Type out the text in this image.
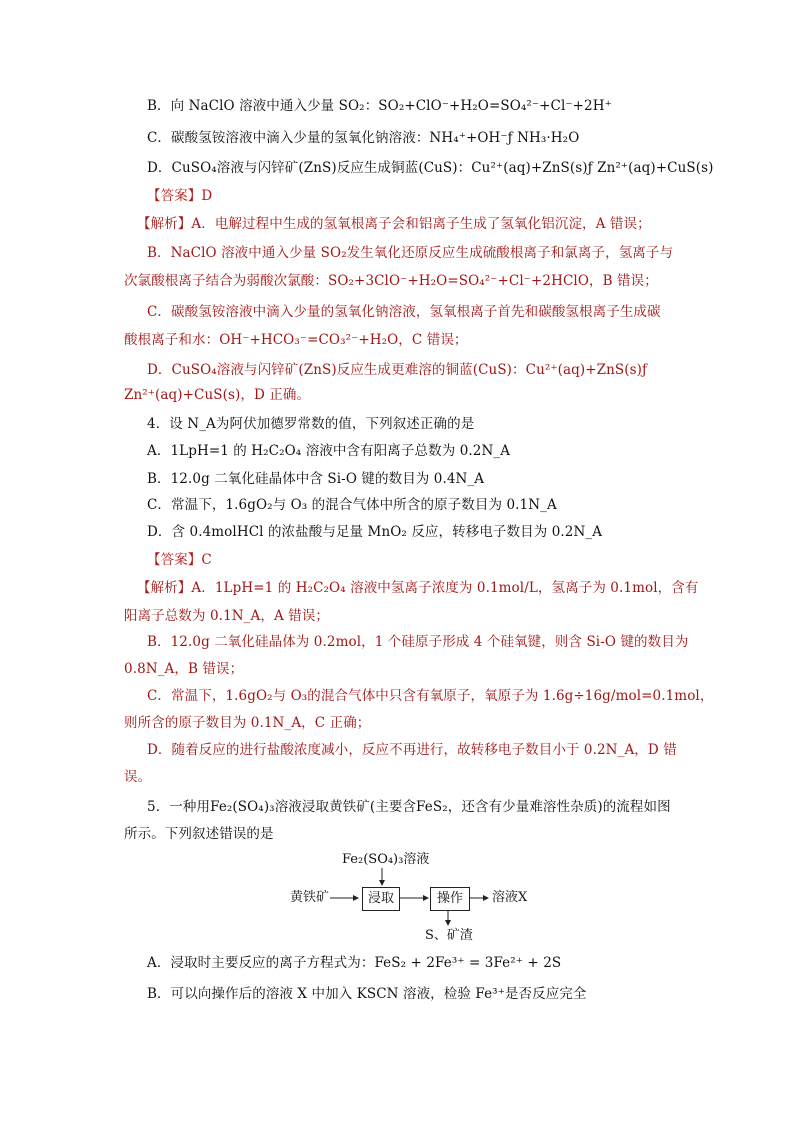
B．向 NaClO 溶液中通入少量 SO₂：SO₂+ClO⁻+H₂O=SO₄²⁻+Cl⁻+2H⁺
C．碳酸氢铵溶液中滴入少量的氢氧化钠溶液：NH₄⁺+OH⁻ƒ NH₃·H₂O
D．CuSO₄溶液与闪锌矿(ZnS)反应生成铜蓝(CuS)：Cu²⁺(aq)+ZnS(s)ƒ Zn²⁺(aq)+CuS(s)
【答案】D
【解析】A．电解过程中生成的氢氧根离子会和铝离子生成了氢氧化铝沉淀，A 错误；
B．NaClO 溶液中通入少量 SO₂发生氧化还原反应生成硫酸根离子和氯离子，氢离子与
次氯酸根离子结合为弱酸次氯酸：SO₂+3ClO⁻+H₂O=SO₄²⁻+Cl⁻+2HClO，B 错误；
C．碳酸氢铵溶液中滴入少量的氢氧化钠溶液，氢氧根离子首先和碳酸氢根离子生成碳
酸根离子和水：OH⁻+HCO₃⁻=CO₃²⁻+H₂O，C 错误；
D．CuSO₄溶液与闪锌矿(ZnS)反应生成更难溶的铜蓝(CuS)：Cu²⁺(aq)+ZnS(s)ƒ
Zn²⁺(aq)+CuS(s)，D 正确。
4．设 N_A为阿伏加德罗常数的值，下列叙述正确的是
A．1LpH=1 的 H₂C₂O₄ 溶液中含有阳离子总数为 0.2N_A
B．12.0g 二氧化硅晶体中含 Si-O 键的数目为 0.4N_A
C．常温下，1.6gO₂与 O₃ 的混合气体中所含的原子数目为 0.1N_A
D．含 0.4molHCl 的浓盐酸与足量 MnO₂ 反应，转移电子数目为 0.2N_A
【答案】C
【解析】A．1LpH=1 的 H₂C₂O₄ 溶液中氢离子浓度为 0.1mol/L，氢离子为 0.1mol，含有
阳离子总数为 0.1N_A，A 错误；
B．12.0g 二氧化硅晶体为 0.2mol，1 个硅原子形成 4 个硅氧键，则含 Si-O 键的数目为
0.8N_A，B 错误；
C．常温下，1.6gO₂与 O₃的混合气体中只含有氧原子，氧原子为 1.6g÷16g/mol=0.1mol，
则所含的原子数目为 0.1N_A，C 正确；
D．随着反应的进行盐酸浓度减小，反应不再进行，故转移电子数目小于 0.2N_A，D 错
误。
5．一种用Fe₂(SO₄)₃溶液浸取黄铁矿(主要含FeS₂，还含有少量难溶性杂质)的流程如图
所示。下列叙述错误的是
Fe₂(SO₄)₃溶液
黄铁矿	浸取	操作	溶液X
S、矿渣
A．浸取时主要反应的离子方程式为：FeS₂ + 2Fe³⁺ = 3Fe²⁺ + 2S
B．可以向操作后的溶液 X 中加入 KSCN 溶液，检验 Fe³⁺是否反应完全
